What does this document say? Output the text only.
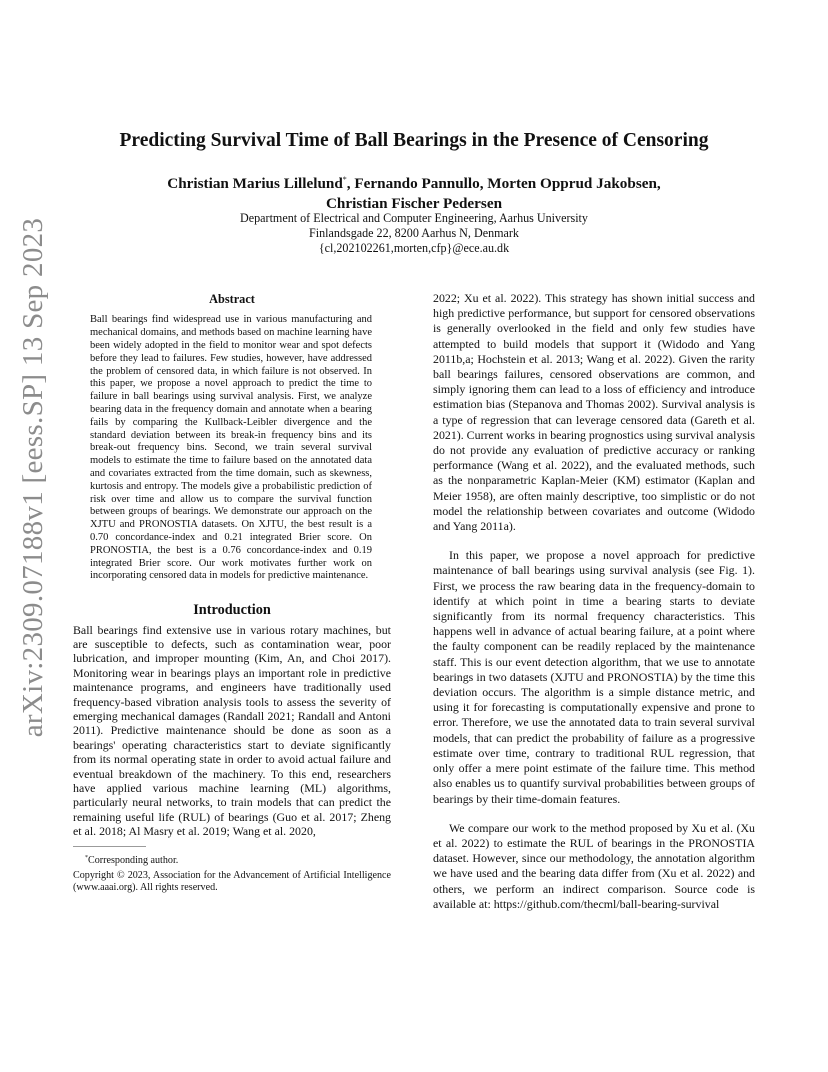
arXiv:2309.07188v1 [eess.SP] 13 Sep 2023
Predicting Survival Time of Ball Bearings in the Presence of Censoring
Christian Marius Lillelund*, Fernando Pannullo, Morten Opprud Jakobsen,
Christian Fischer Pedersen
Department of Electrical and Computer Engineering, Aarhus University
Finlandsgade 22, 8200 Aarhus N, Denmark
{cl,202102261,morten,cfp}@ece.au.dk
Abstract
Ball bearings find widespread use in various manufacturing and mechanical domains, and methods based on machine learning have been widely adopted in the field to monitor wear and spot defects before they lead to failures. Few studies, however, have addressed the problem of censored data, in which failure is not observed. In this paper, we propose a novel approach to predict the time to failure in ball bearings using survival analysis. First, we analyze bearing data in the frequency domain and annotate when a bearing fails by comparing the Kullback-Leibler divergence and the standard deviation between its break-in frequency bins and its break-out frequency bins. Second, we train several survival models to estimate the time to failure based on the annotated data and covariates extracted from the time domain, such as skewness, kurtosis and entropy. The models give a probabilistic prediction of risk over time and allow us to compare the survival function between groups of bearings. We demonstrate our approach on the XJTU and PRONOSTIA datasets. On XJTU, the best result is a 0.70 concordance-index and 0.21 integrated Brier score. On PRONOSTIA, the best is a 0.76 concordance-index and 0.19 integrated Brier score. Our work motivates further work on incorporating censored data in models for predictive maintenance.
Introduction

Ball bearings find extensive use in various rotary machines, but are susceptible to defects, such as contamination wear, poor lubrication, and improper mounting (Kim, An, and Choi 2017). Monitoring wear in bearings plays an important role in predictive maintenance programs, and engineers have traditionally used frequency-based vibration analysis tools to assess the severity of emerging mechanical damages (Randall 2021; Randall and Antoni 2011). Predictive maintenance should be done as soon as a bearings' operating characteristics start to deviate significantly from its normal operating state in order to avoid actual failure and eventual breakdown of the machinery. To this end, researchers have applied various machine learning (ML) algorithms, particularly neural networks, to train models that can predict the remaining useful life (RUL) of bearings (Guo et al. 2017; Zheng et al. 2018; Al Masry et al. 2019; Wang et al. 2020,

*Corresponding author.
Copyright © 2023, Association for the Advancement of Artificial Intelligence (www.aaai.org). All rights reserved.

2022; Xu et al. 2022). This strategy has shown initial success and high predictive performance, but support for censored observations is generally overlooked in the field and only few studies have attempted to build models that support it (Widodo and Yang 2011b,a; Hochstein et al. 2013; Wang et al. 2022). Given the rarity ball bearings failures, censored observations are common, and simply ignoring them can lead to a loss of efficiency and introduce estimation bias (Stepanova and Thomas 2002). Survival analysis is a type of regression that can leverage censored data (Gareth et al. 2021). Current works in bearing prognostics using survival analysis do not provide any evaluation of predictive accuracy or ranking performance (Wang et al. 2022), and the evaluated methods, such as the nonparametric Kaplan-Meier (KM) estimator (Kaplan and Meier 1958), are often mainly descriptive, too simplistic or do not model the relationship between covariates and outcome (Widodo and Yang 2011a).

In this paper, we propose a novel approach for predictive maintenance of ball bearings using survival analysis (see Fig. 1). First, we process the raw bearing data in the frequency-domain to identify at which point in time a bearing starts to deviate significantly from its normal frequency characteristics. This happens well in advance of actual bearing failure, at a point where the faulty component can be readily replaced by the maintenance staff. This is our event detection algorithm, that we use to annotate bearings in two datasets (XJTU and PRONOSTIA) by the time this deviation occurs. The algorithm is a simple distance metric, and using it for forecasting is computationally expensive and prone to error. Therefore, we use the annotated data to train several survival models, that can predict the probability of failure as a progressive estimate over time, contrary to traditional RUL regression, that only offer a mere point estimate of the failure time. This method also enables us to quantify survival probabilities between groups of bearings by their time-domain features.

We compare our work to the method proposed by Xu et al. (Xu et al. 2022) to estimate the RUL of bearings in the PRONOSTIA dataset. However, since our methodology, the annotation algorithm we have used and the bearing data differ from (Xu et al. 2022) and others, we perform an indirect comparison. Source code is available at: https://github.com/thecml/ball-bearing-survival
